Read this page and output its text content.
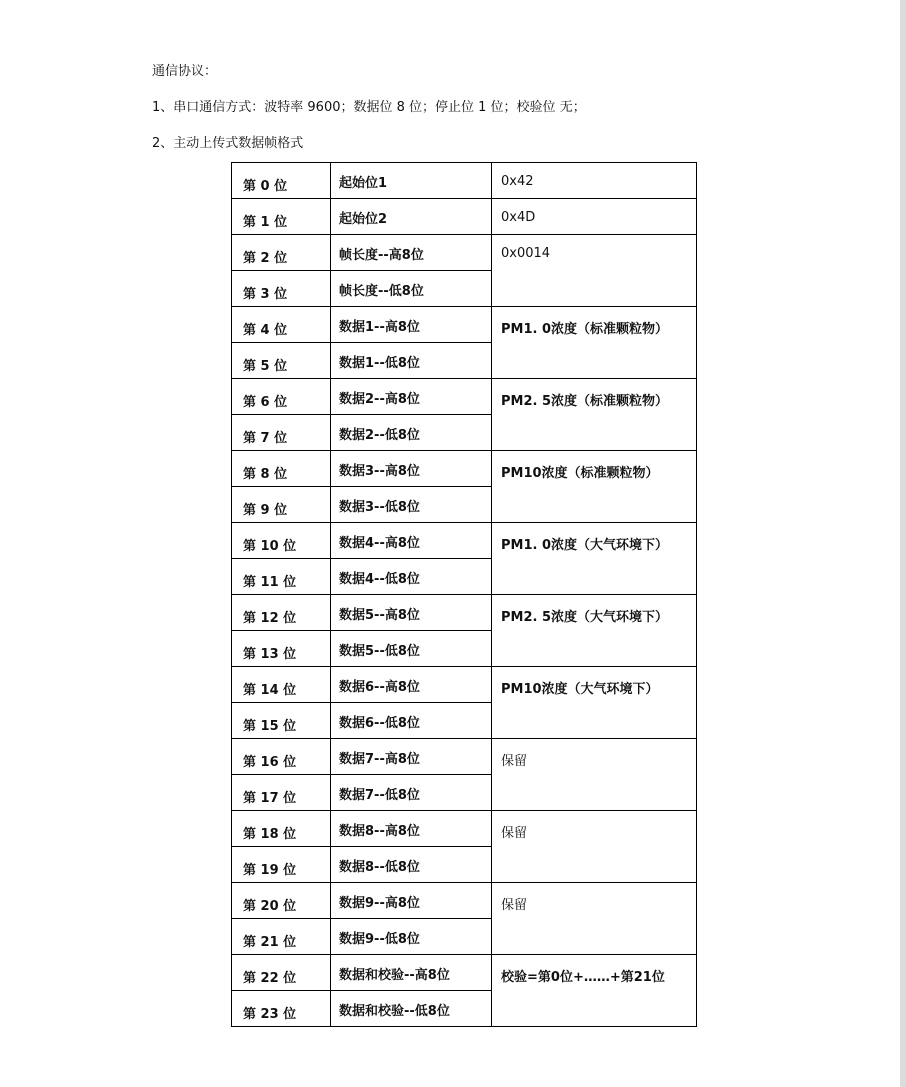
通信协议：
1、串口通信方式：波特率 9600；数据位 8 位；停止位 1 位；校验位 无；
2、主动上传式数据帧格式
第 0 位	起始位1	0x42

第 1 位	起始位2	0x4D

第 2 位	帧长度--高8位	0x0014

第 3 位	帧长度--低8位	

第 4 位	数据1--高8位	PM1. 0浓度（标准颗粒物）

第 5 位	数据1--低8位	

第 6 位	数据2--高8位	PM2. 5浓度（标准颗粒物）

第 7 位	数据2--低8位	

第 8 位	数据3--高8位	PM10浓度（标准颗粒物）

第 9 位	数据3--低8位	

第 10 位	数据4--高8位	PM1. 0浓度（大气环境下）

第 11 位	数据4--低8位	

第 12 位	数据5--高8位	PM2. 5浓度（大气环境下）

第 13 位	数据5--低8位	

第 14 位	数据6--高8位	PM10浓度（大气环境下）

第 15 位	数据6--低8位	

第 16 位	数据7--高8位	保留

第 17 位	数据7--低8位	

第 18 位	数据8--高8位	保留

第 19 位	数据8--低8位	

第 20 位	数据9--高8位	保留

第 21 位	数据9--低8位	

第 22 位	数据和校验--高8位	校验=第0位+……+第21位

第 23 位	数据和校验--低8位	
